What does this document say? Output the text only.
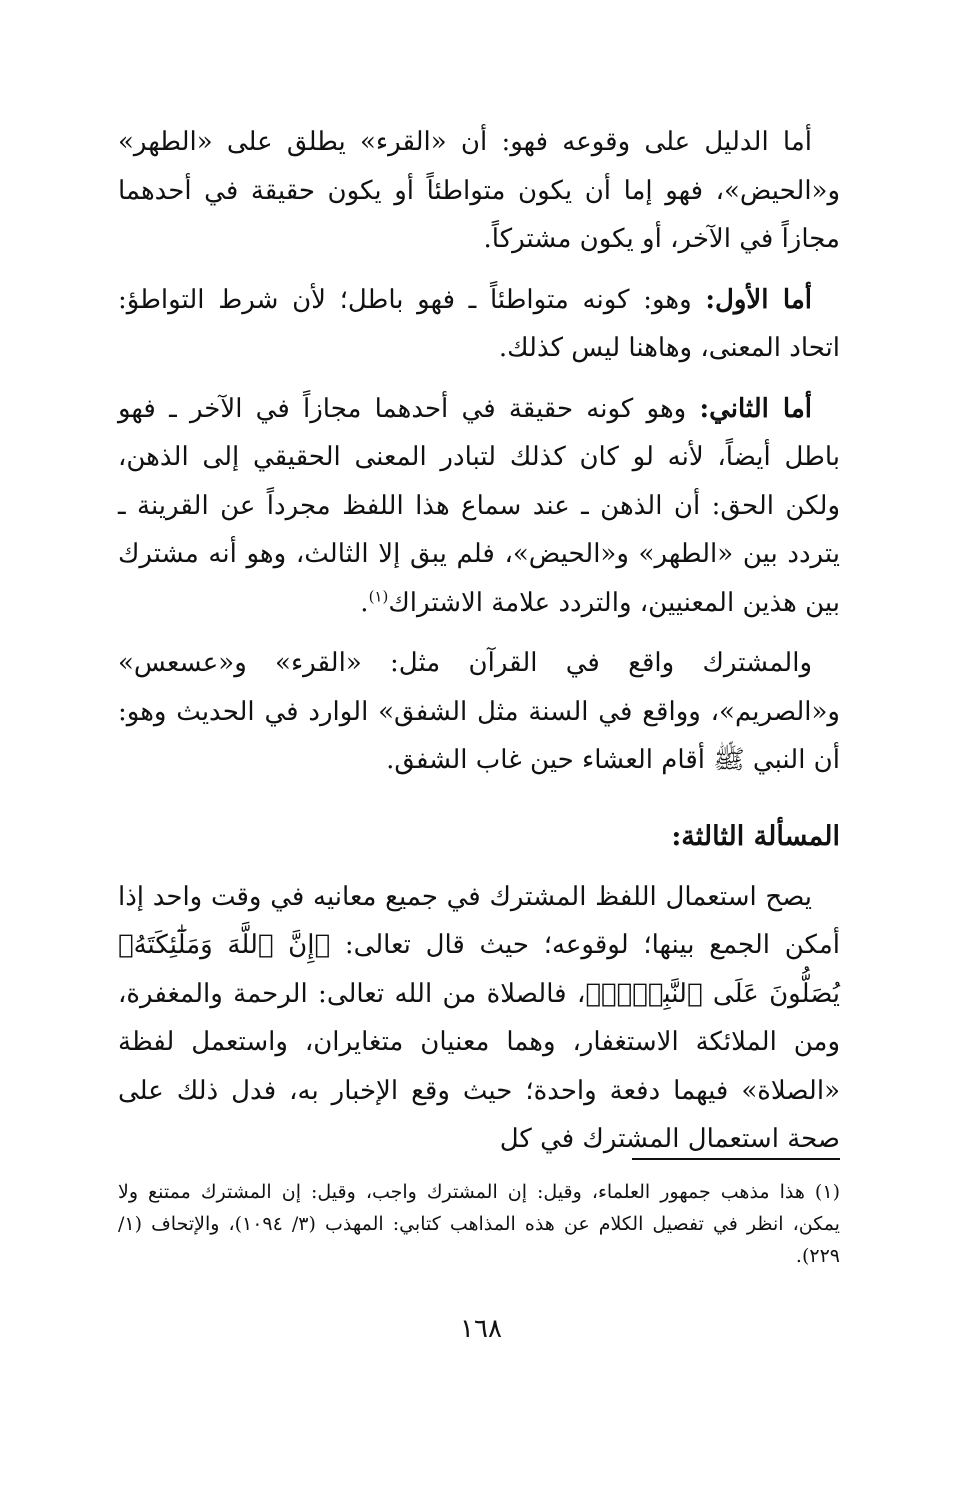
أما الدليل على وقوعه فهو: أن «القرء» يطلق على «الطهر» و«الحيض»، فهو إما أن يكون متواطئاً أو يكون حقيقة في أحدهما مجازاً في الآخر، أو يكون مشتركاً.

أما الأول: وهو: كونه متواطئاً ـ فهو باطل؛ لأن شرط التواطؤ: اتحاد المعنى، وهاهنا ليس كذلك.

أما الثاني: وهو كونه حقيقة في أحدهما مجازاً في الآخر ـ فهو باطل أيضاً، لأنه لو كان كذلك لتبادر المعنى الحقيقي إلى الذهن، ولكن الحق: أن الذهن ـ عند سماع هذا اللفظ مجرداً عن القرينة ـ يتردد بين «الطهر» و«الحيض»، فلم يبق إلا الثالث، وهو أنه مشترك بين هذين المعنيين، والتردد علامة الاشتراك$^{(١)}$.

والمشترك واقع في القرآن مثل: «القرء» و«عسعس» و«الصريم»، وواقع في السنة مثل الشفق» الوارد في الحديث وهو: أن النبي ﷺ أقام العشاء حين غاب الشفق.

المسألة الثالثة:

يصح استعمال اللفظ المشترك في جميع معانيه في وقت واحد إذا أمكن الجمع بينها؛ لوقوعه؛ حيث قال تعالى: ﴿إِنَّ ٱللَّهَ وَمَلَٰٓئِكَتَهُۥ يُصَلُّونَ عَلَى ٱلنَّبِيِّۚ﴾، فالصلاة من الله تعالى: الرحمة والمغفرة، ومن الملائكة الاستغفار، وهما معنيان متغايران، واستعمل لفظة «الصلاة» فيهما دفعة واحدة؛ حيث وقع الإخبار به، فدل ذلك على صحة استعمال المشترك في كل

(١) هذا مذهب جمهور العلماء، وقيل: إن المشترك واجب، وقيل: إن المشترك ممتنع ولا يمكن، انظر في تفصيل الكلام عن هذه المذاهب كتابي: المهذب (٣/ ١٠٩٤)، والإتحاف (١/ ٢٢٩).
١٦٨
